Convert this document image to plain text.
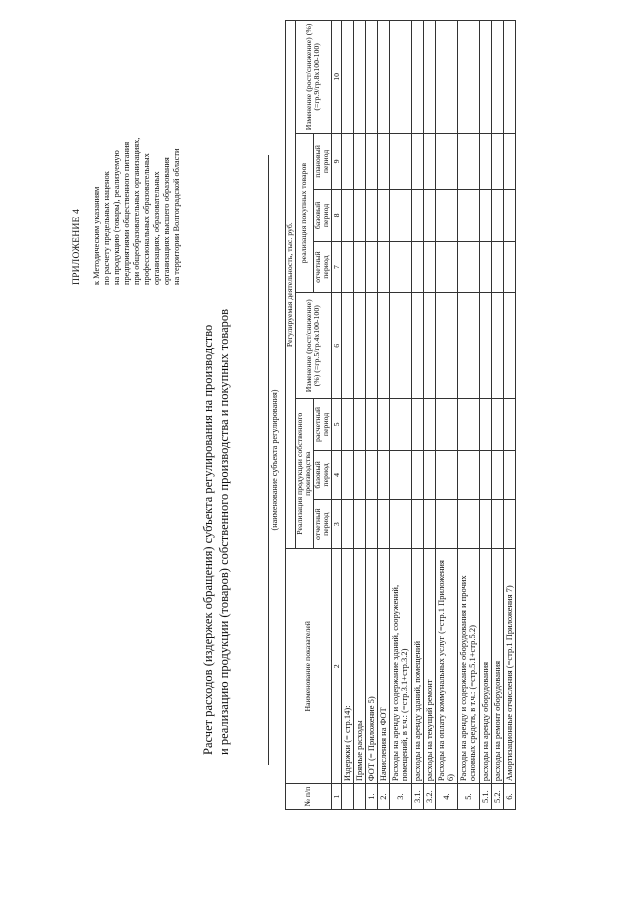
ПРИЛОЖЕНИЕ 4 к Методическим указаниям по расчету предельных наценок на продукцию (товары), реализуемую предприятиями общественного питания при общеобразовательных организациях, профессиональных образовательных организациях, образовательных организациях высшего образования на территории Волгоградской области
Расчет расходов (издержек обращения) субъекта регулирования на производство и реализацию продукции (товаров) собственного производства и покупных товаров	(наименование субъекта регулирования)
№ п/п	Наименование показателей	Регулируемая деятельность, тыс. руб.							
		Реализация продукции собственного производства			Изменение (рост/снижение) (%) (=гр.5/гр.4х100-100)	реализация покупных товаров			Изменение (рост/снижение) (%) (=гр.9/гр.8х100-100)
		отчетный период	базовый период	расчетный период		отчетный период	базовый период	плановый период	
1	2	3	4	5	6	7	8	9	10
	Издержки (= стр.14):								
	Прямые расходы								
1.	ФОТ (= Приложение 5)								
2.	Начисления на ФОТ								
3.	Расходы на аренду и содержание зданий, сооружений, помещений, в т.ч.: (=стр.3.1+стр.3.2)								
3.1.	расходы на аренду зданий, помещений								
3.2.	расходы на текущий ремонт								
4.	Расходы на оплату коммунальных услуг (=стр.1 Приложения 6)								
5.	Расходы на аренду и содержание оборудования и прочих основных средств, в т.ч.: (=стр.5.1+стр.5.2)								
5.1.	расходы на аренду оборудования								
5.2.	расходы на ремонт оборудования								
6.	Амортизационные отчисления (=стр.1 Приложения 7)								
